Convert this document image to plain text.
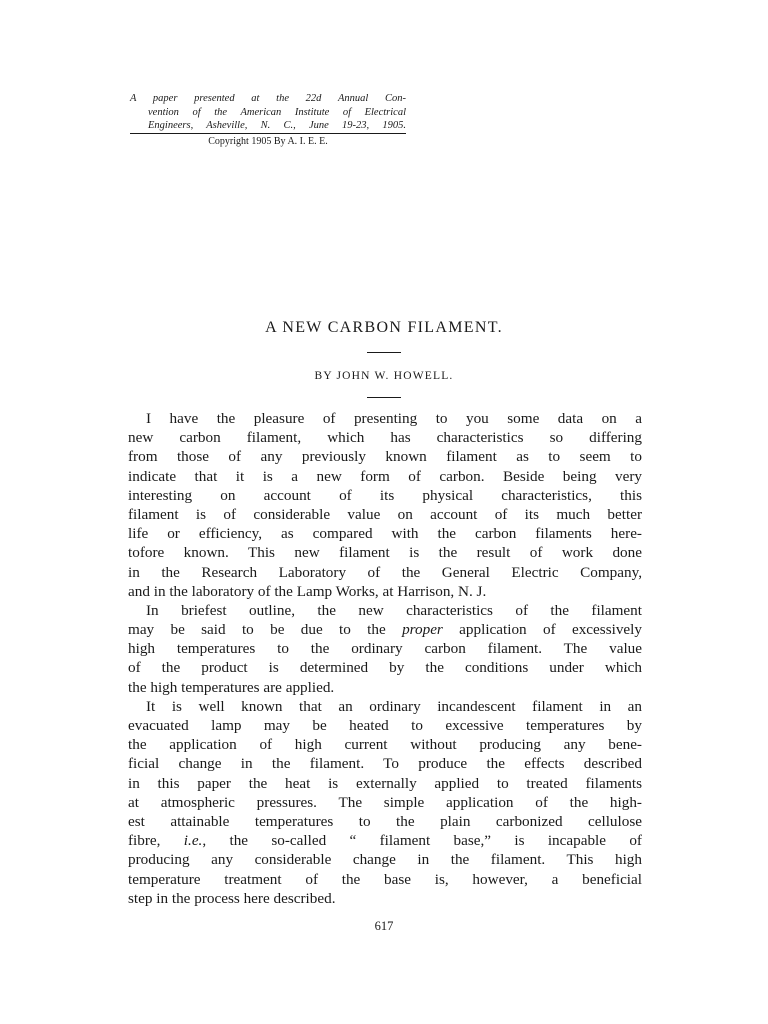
A paper presented at the 22d Annual Con-
vention of the American Institute of Electrical
Engineers, Asheville, N. C., June 19-23, 1905.
Copyright 1905 By A. I. E. E.
A NEW CARBON FILAMENT.
BY JOHN W. HOWELL.
I have the pleasure of presenting to you some data on a
new carbon filament, which has characteristics so differing
from those of any previously known filament as to seem to
indicate that it is a new form of carbon. Beside being very
interesting on account of its physical characteristics, this
filament is of considerable value on account of its much better
life or efficiency, as compared with the carbon filaments here-
tofore known. This new filament is the result of work done
in the Research Laboratory of the General Electric Company,
and in the laboratory of the Lamp Works, at Harrison, N. J.
In briefest outline, the new characteristics of the filament
may be said to be due to the proper application of excessively
high temperatures to the ordinary carbon filament. The value
of the product is determined by the conditions under which
the high temperatures are applied.
It is well known that an ordinary incandescent filament in an
evacuated lamp may be heated to excessive temperatures by
the application of high current without producing any bene-
ficial change in the filament. To produce the effects described
in this paper the heat is externally applied to treated filaments
at atmospheric pressures. The simple application of the high-
est attainable temperatures to the plain carbonized cellulose
fibre, i.e., the so-called “ filament base,” is incapable of
producing any considerable change in the filament. This high
temperature treatment of the base is, however, a beneficial
step in the process here described.
617
